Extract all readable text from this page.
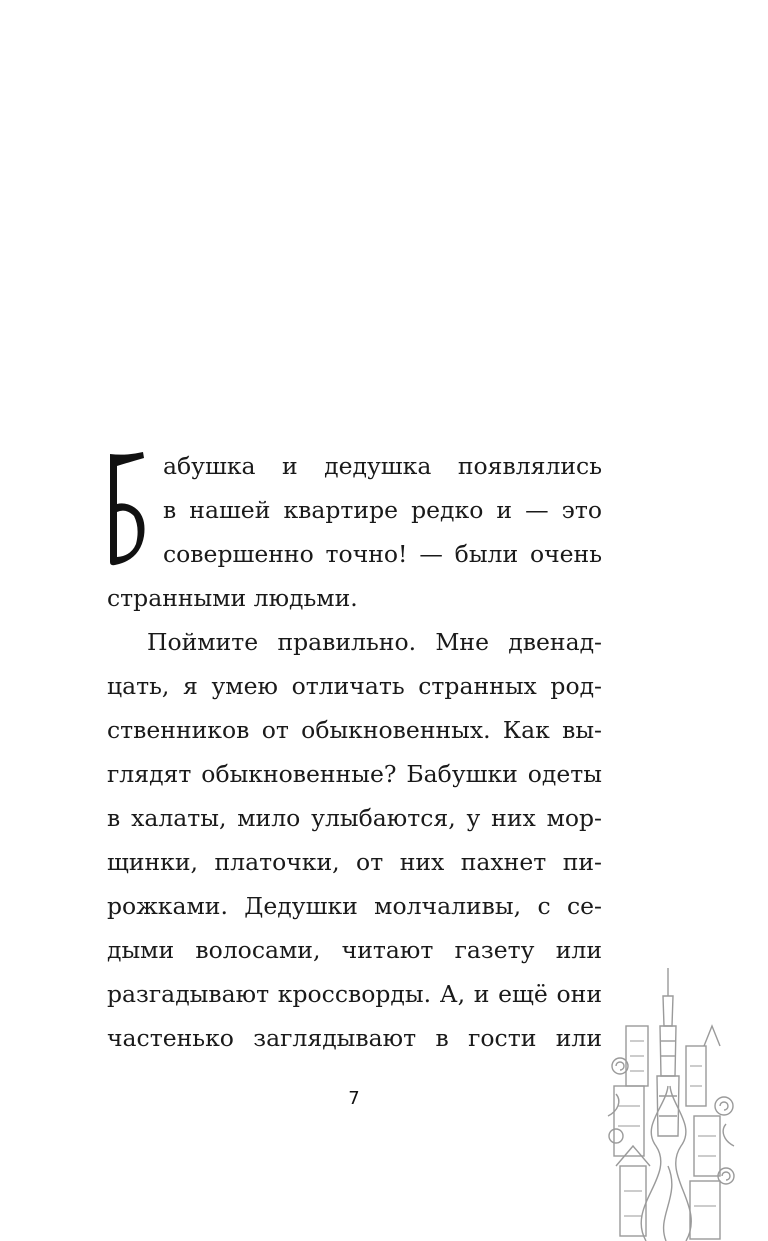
абушка и дедушка появлялись
в нашей квартире редко и — это
совершенно точно! — были очень
странными людьми.
Поймите правильно. Мне двенад-
цать, я умею отличать странных род-
ственников от обыкновенных. Как вы-
глядят обыкновенные? Бабушки одеты
в халаты, мило улыбаются, у них мор-
щинки, платочки, от них пахнет пи-
рожками. Дедушки молчаливы, с се-
дыми волосами, читают газету или
разгадывают кроссворды. А, и ещё они
частенько заглядывают в гости или
7
